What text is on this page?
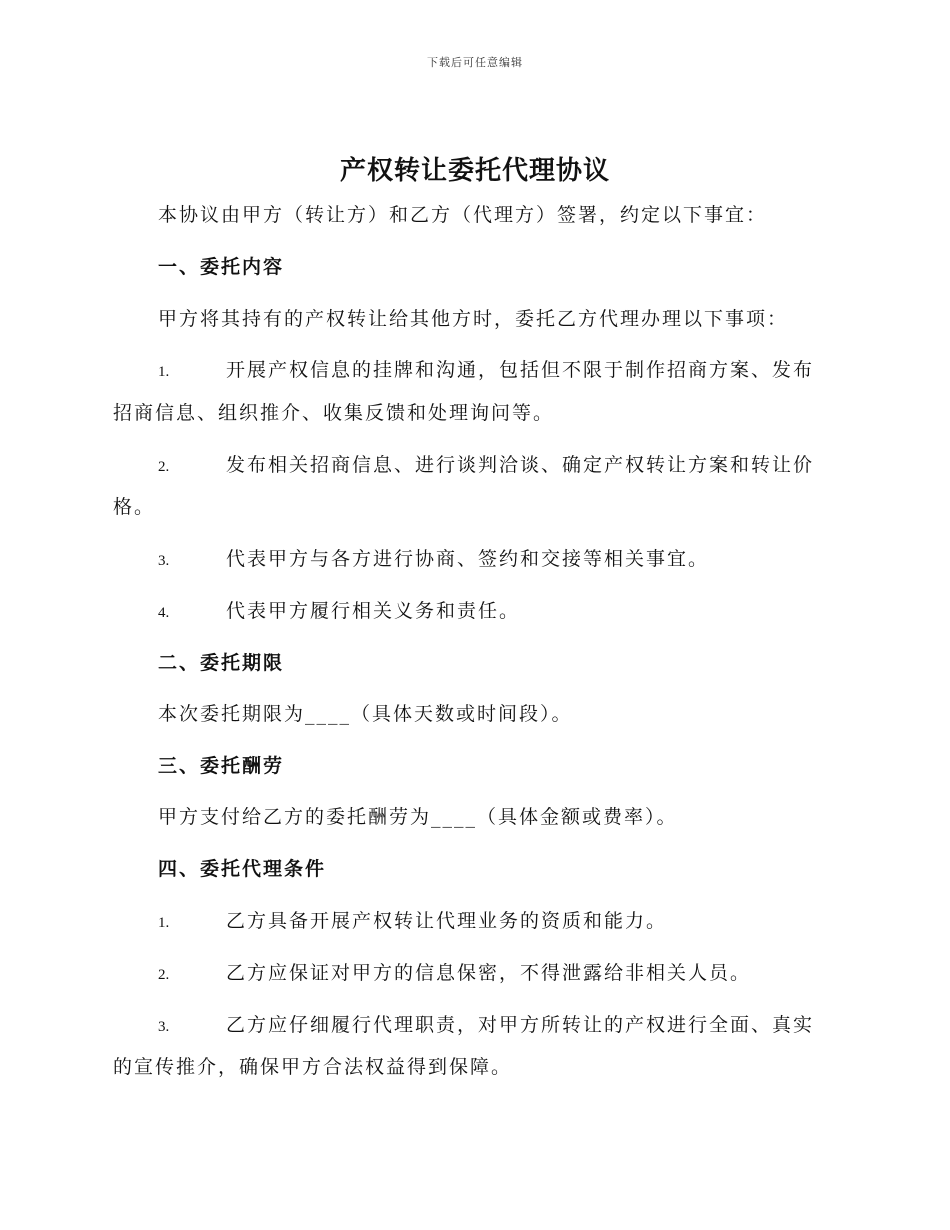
下载后可任意编辑
产权转让委托代理协议
本协议由甲方（转让方）和乙方（代理方）签署，约定以下事宜：
一、委托内容
甲方将其持有的产权转让给其他方时，委托乙方代理办理以下事项：
1.	开展产权信息的挂牌和沟通，包括但不限于制作招商方案、发布
招商信息、组织推介、收集反馈和处理询问等。
2.	发布相关招商信息、进行谈判洽谈、确定产权转让方案和转让价
格。
3.	代表甲方与各方进行协商、签约和交接等相关事宜。
4.	代表甲方履行相关义务和责任。
二、委托期限
本次委托期限为____（具体天数或时间段）。
三、委托酬劳
甲方支付给乙方的委托酬劳为____（具体金额或费率）。
四、委托代理条件
1.	乙方具备开展产权转让代理业务的资质和能力。
2.	乙方应保证对甲方的信息保密，不得泄露给非相关人员。
3.	乙方应仔细履行代理职责，对甲方所转让的产权进行全面、真实
的宣传推介，确保甲方合法权益得到保障。
